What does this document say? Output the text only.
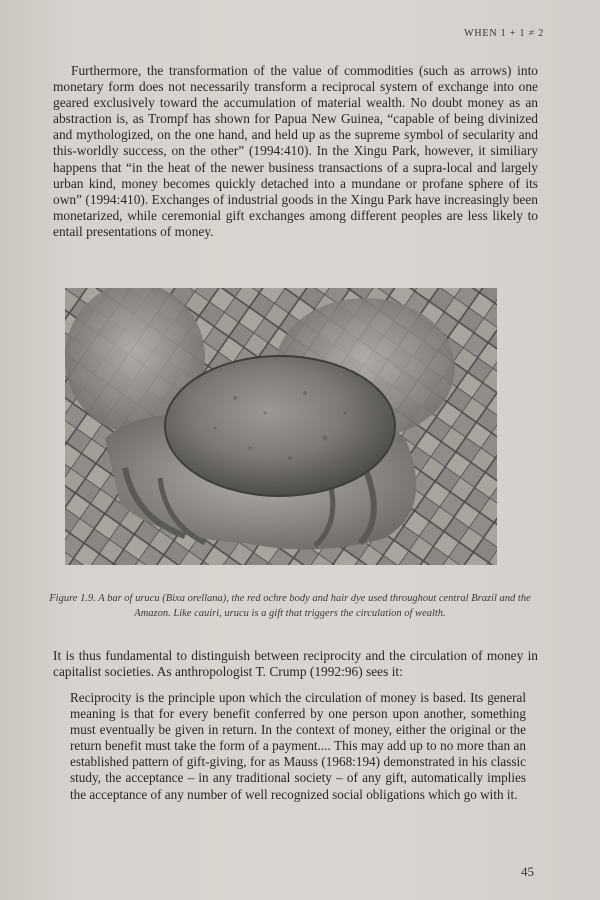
WHEN 1 + 1 ≠ 2

Furthermore, the transformation of the value of commodities (such as arrows) into monetary form does not necessarily transform a reciprocal system of exchange into one geared exclusively toward the accumulation of material wealth. No doubt money as an abstraction is, as Trompf has shown for Papua New Guinea, “capable of being divinized and mythologized, on the one hand, and held up as the supreme symbol of secularity and this-worldly success, on the other” (1994:410). In the Xingu Park, however, it similiary happens that “in the heat of the newer business transactions of a supra-local and largely urban kind, money becomes quickly detached into a mundane or profane sphere of its own” (1994:410). Exchanges of industrial goods in the Xingu Park have increasingly been monetarized, while ceremonial gift exchanges among different peoples are less likely to entail presentations of money.

Figure 1.9. A bar of urucu (Bixa orellana), the red ochre body and hair dye used throughout central Brazil and the Amazon. Like cauiri, urucu is a gift that triggers the circulation of wealth.

It is thus fundamental to distinguish between reciprocity and the circulation of money in capitalist societies. As anthropologist T. Crump (1992:96) sees it:

Reciprocity is the principle upon which the circulation of money is based. Its general meaning is that for every benefit conferred by one person upon another, something must eventually be given in return. In the context of money, either the original or the return benefit must take the form of a payment.... This may add up to no more than an established pattern of gift-giving, for as Mauss (1968:194) demonstrated in his classic study, the acceptance – in any traditional society – of any gift, automatically implies the acceptance of any number of well recognized social obligations which go with it.

45
